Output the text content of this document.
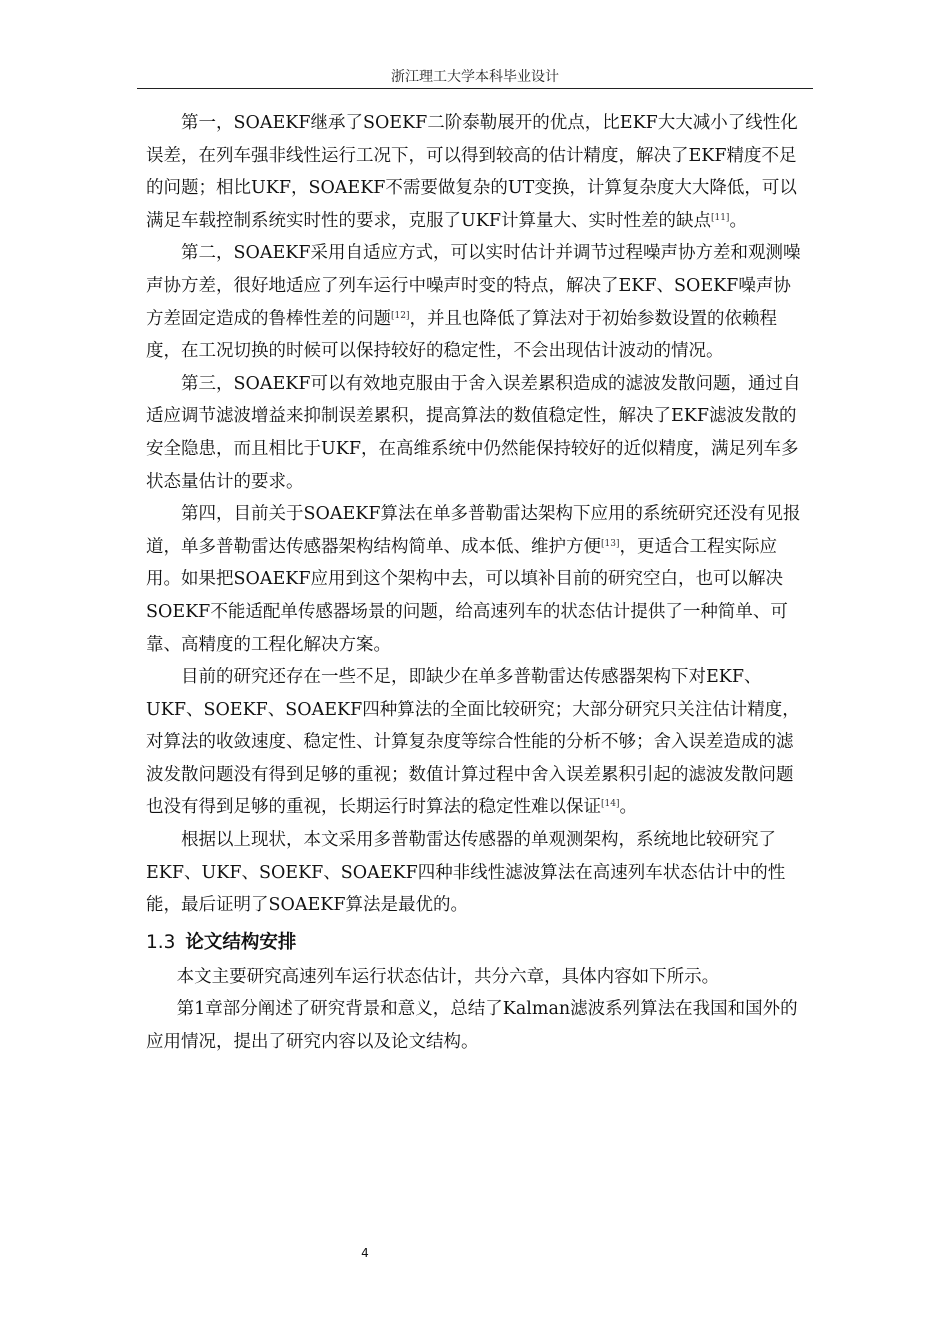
浙江理工大学本科毕业设计

第一，SOAEKF继承了SOEKF二阶泰勒展开的优点，比EKF大大减小了线性化误差，在列车强非线性运行工况下，可以得到较高的估计精度，解决了EKF精度不足的问题；相比UKF，SOAEKF不需要做复杂的UT变换，计算复杂度大大降低，可以满足车载控制系统实时性的要求，克服了UKF计算量大、实时性差的缺点[11]。

第二，SOAEKF采用自适应方式，可以实时估计并调节过程噪声协方差和观测噪声协方差，很好地适应了列车运行中噪声时变的特点，解决了EKF、SOEKF噪声协方差固定造成的鲁棒性差的问题[12]，并且也降低了算法对于初始参数设置的依赖程度，在工况切换的时候可以保持较好的稳定性，不会出现估计波动的情况。

第三，SOAEKF可以有效地克服由于舍入误差累积造成的滤波发散问题，通过自适应调节滤波增益来抑制误差累积，提高算法的数值稳定性，解决了EKF滤波发散的安全隐患，而且相比于UKF，在高维系统中仍然能保持较好的近似精度，满足列车多状态量估计的要求。

第四，目前关于SOAEKF算法在单多普勒雷达架构下应用的系统研究还没有见报道，单多普勒雷达传感器架构结构简单、成本低、维护方便[13]，更适合工程实际应用。如果把SOAEKF应用到这个架构中去，可以填补目前的研究空白，也可以解决SOEKF不能适配单传感器场景的问题，给高速列车的状态估计提供了一种简单、可靠、高精度的工程化解决方案。

目前的研究还存在一些不足，即缺少在单多普勒雷达传感器架构下对EKF、UKF、SOEKF、SOAEKF四种算法的全面比较研究；大部分研究只关注估计精度，对算法的收敛速度、稳定性、计算复杂度等综合性能的分析不够；舍入误差造成的滤波发散问题没有得到足够的重视；数值计算过程中舍入误差累积引起的滤波发散问题也没有得到足够的重视，长期运行时算法的稳定性难以保证[14]。

根据以上现状，本文采用多普勒雷达传感器的单观测架构，系统地比较研究了EKF、UKF、SOEKF、SOAEKF四种非线性滤波算法在高速列车状态估计中的性能，最后证明了SOAEKF算法是最优的。

1.3 论文结构安排

本文主要研究高速列车运行状态估计，共分六章，具体内容如下所示。

第1章部分阐述了研究背景和意义，总结了Kalman滤波系列算法在我国和国外的应用情况，提出了研究内容以及论文结构。

4
